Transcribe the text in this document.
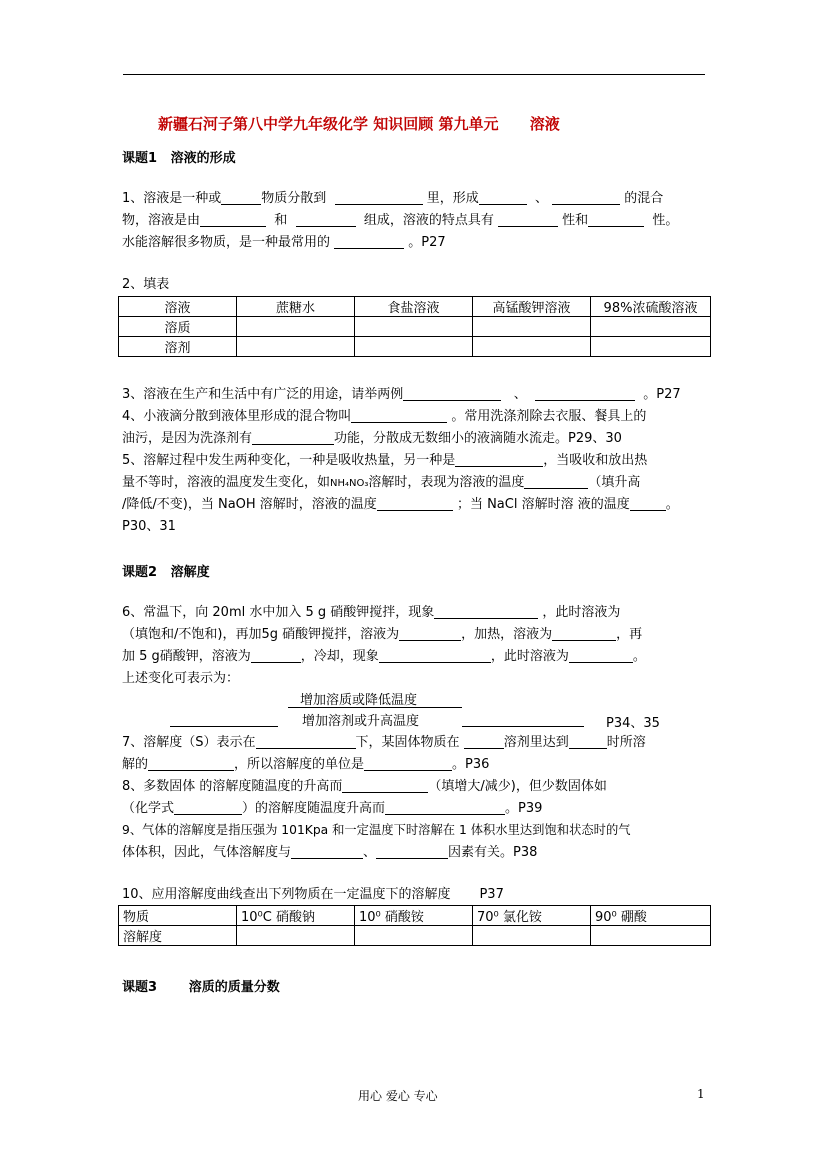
新疆石河子第八中学九年级化学 知识回顾 第九单元      溶液
课题1   溶液的形成
1、溶液是一种或	物质分散到	里，形成	、	的混合
物，溶液是由	和	组成，溶液的特点具有	性和	性。
水能溶解很多物质，是一种最常用的	。P27
2、填表
溶液	蔗糖水	食盐溶液	高锰酸钾溶液	98%浓硫酸溶液
溶质				
溶剂				
3、溶液在生产和生活中有广泛的用途，请举两例	、	。P27
4、小液滴分散到液体里形成的混合物叫	。常用洗涤剂除去衣服、餐具上的
油污，是因为洗涤剂有	功能，分散成无数细小的液滴随水流走。P29、30
5、溶解过程中发生两种变化，一种是吸收热量，另一种是	，当吸收和放出热
量不等时，溶液的温度发生变化，如NH₄NO₃溶解时，表现为溶液的温度	（填升高
/降低/不变)，当 NaOH 溶解时，溶液的温度	；当 NaCl 溶解时溶 液的温度	。
P30、31
课题2   溶解度
6、常温下，向 20ml 水中加入 5 g 硝酸钾搅拌，现象	，此时溶液为
（填饱和/不饱和)，再加5g 硝酸钾搅拌，溶液为	，加热，溶液为	，再
加 5 g硝酸钾，溶液为	，冷却，现象	，此时溶液为	。
上述变化可表示为：
增加溶质或降低温度
增加溶剂或升高温度	P34、35
7、溶解度（S）表示在	下，某固体物质在	溶剂里达到	时所溶
解的	，所以溶解度的单位是	。P36
8、多数固体 的溶解度随温度的升高而	（填增大/减少)，但少数固体如
（化学式	）的溶解度随温度升高而	。P39
9、气体的溶解度是指压强为 101Kpa 和一定温度下时溶解在 1 体积水里达到饱和状态时的气
体体积，因此，气体溶解度与	、	因素有关。P38
10、应用溶解度曲线查出下列物质在一定温度下的溶解度       P37
物质	10⁰C 硝酸钠	10⁰ 硝酸铵	70⁰ 氯化铵	90⁰ 硼酸
溶解度				
课题3       溶质的质量分数
用心 爱心 专心	1
